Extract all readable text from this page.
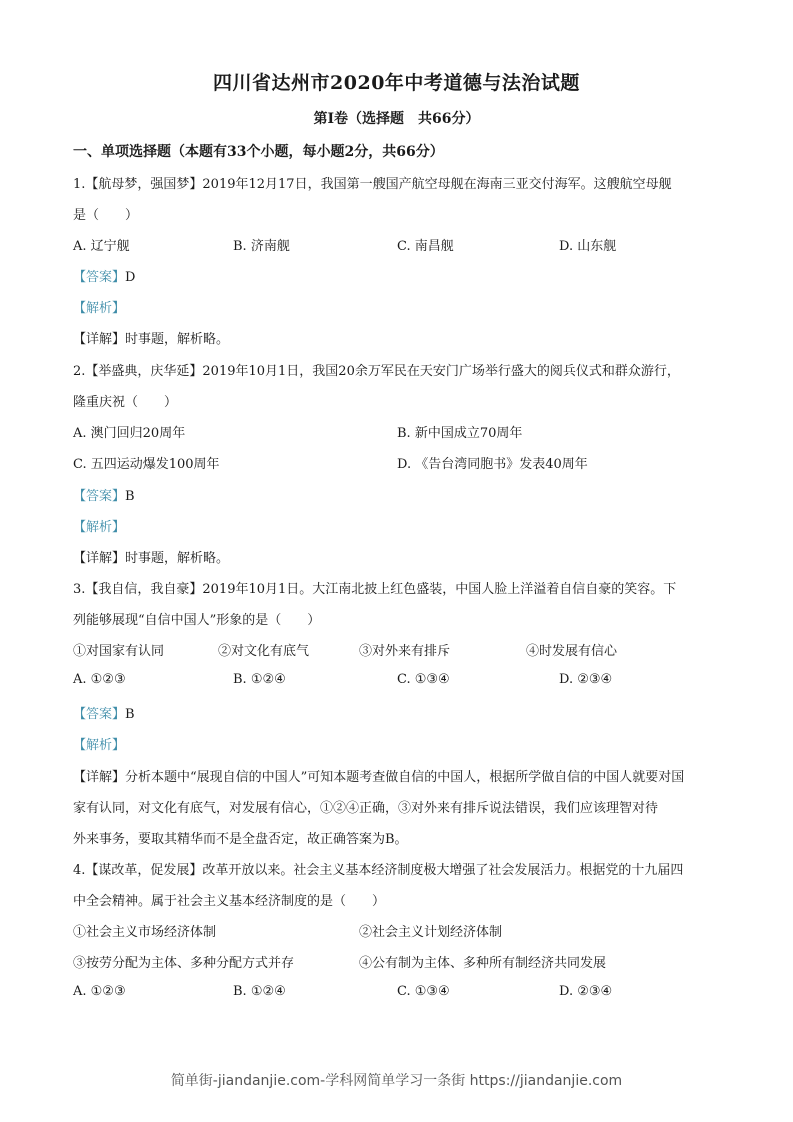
四川省达州市2020年中考道德与法治试题
第I卷（选择题　共66分）
一、单项选择题（本题有33个小题，每小题2分，共66分）
1.【航母梦，强国梦】2019年12月17日，我国第一艘国产航空母舰在海南三亚交付海军。这艘航空母舰
是（　　）
A. 辽宁舰	B. 济南舰	C. 南昌舰	D. 山东舰
【答案】D
【解析】
【详解】时事题，解析略。
2.【举盛典，庆华延】2019年10月1日，我国20余万军民在天安门广场举行盛大的阅兵仪式和群众游行，
隆重庆祝（　　）
A. 澳门回归20周年	B. 新中国成立70周年
C. 五四运动爆发100周年	D. 《告台湾同胞书》发表40周年
【答案】B
【解析】
【详解】时事题，解析略。
3.【我自信，我自豪】2019年10月1日。大江南北披上红色盛装，中国人脸上洋溢着自信自豪的笑容。下
列能够展现“自信中国人”形象的是（　　）
①对国家有认同	②对文化有底气	③对外来有排斥	④时发展有信心
A. ①②③	B. ①②④	C. ①③④	D. ②③④
【答案】B
【解析】
【详解】分析本题中“展现自信的中国人”可知本题考查做自信的中国人，根据所学做自信的中国人就要对国
家有认同，对文化有底气，对发展有信心，①②④正确，③对外来有排斥说法错误，我们应该理智对待
外来事务，要取其精华而不是全盘否定，故正确答案为B。
4.【谋改革，促发展】改革开放以来。社会主义基本经济制度极大增强了社会发展活力。根据党的十九届四
中全会精神。属于社会主义基本经济制度的是（　　）
①社会主义市场经济体制	②社会主义计划经济体制
③按劳分配为主体、多种分配方式并存	④公有制为主体、多种所有制经济共同发展
A. ①②③	B. ①②④	C. ①③④	D. ②③④
简单街-jiandanjie.com-学科网简单学习一条街 https://jiandanjie.com
